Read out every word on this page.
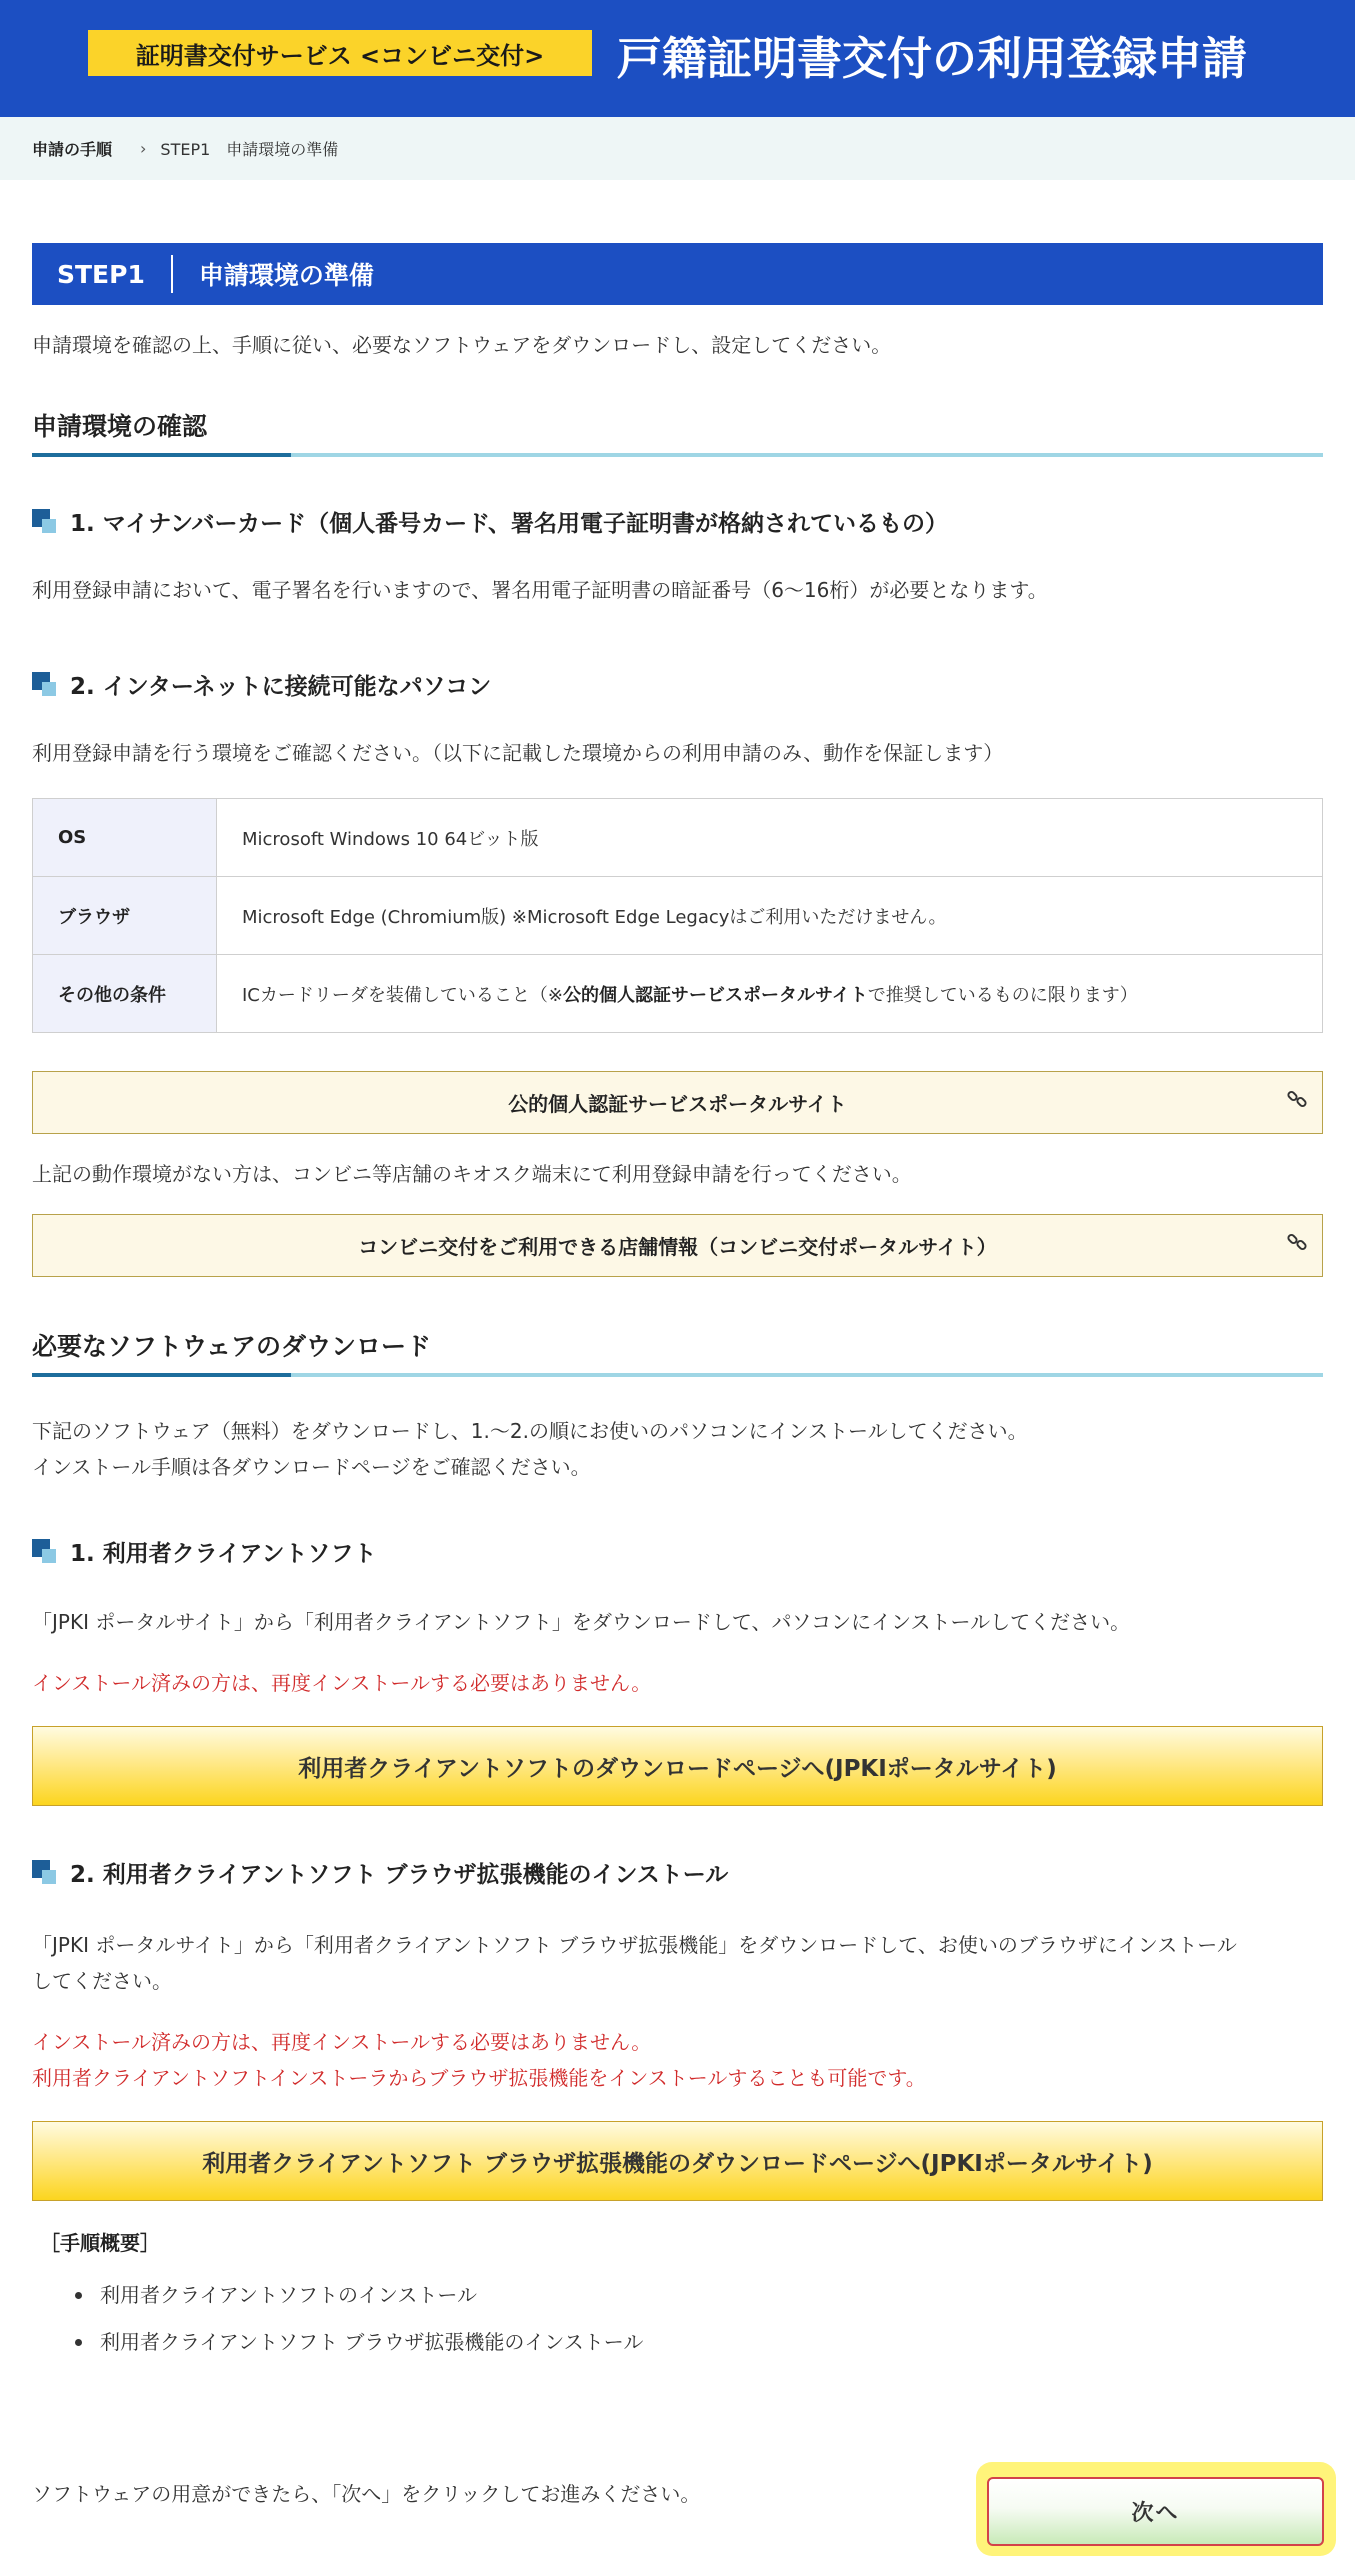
証明書交付サービス <コンビニ交付>	戸籍証明書交付の利用登録申請
申請の手順 › STEP1　申請環境の準備
STEP1 申請環境の準備

申請環境を確認の上、手順に従い、必要なソフトウェアをダウンロードし、設定してください。

申請環境の確認
1. マイナンバーカード（個人番号カード、署名用電子証明書が格納されているもの）

利用登録申請において、電子署名を行いますので、署名用電子証明書の暗証番号（6～16桁）が必要となります。

2. インターネットに接続可能なパソコン

利用登録申請を行う環境をご確認ください。（以下に記載した環境からの利用申請のみ、動作を保証します）

OS	Microsoft Windows 10 64ビット版
ブラウザ	Microsoft Edge (Chromium版) ※Microsoft Edge Legacyはご利用いただけません。
その他の条件	ICカードリーダを装備していること（※公的個人認証サービスポータルサイトで推奨しているものに限ります）
公的個人認証サービスポータルサイト

上記の動作環境がない方は、コンビニ等店舗のキオスク端末にて利用登録申請を行ってください。

コンビニ交付をご利用できる店舗情報（コンビニ交付ポータルサイト）
必要なソフトウェアのダウンロード

下記のソフトウェア（無料）をダウンロードし、1.～2.の順にお使いのパソコンにインストールしてください。

インストール手順は各ダウンロードページをご確認ください。

1. 利用者クライアントソフト

「JPKI ポータルサイト」から「利用者クライアントソフト」をダウンロードして、パソコンにインストールしてください。

インストール済みの方は、再度インストールする必要はありません。

利用者クライアントソフトのダウンロードページへ(JPKIポータルサイト)
2. 利用者クライアントソフト ブラウザ拡張機能のインストール

「JPKI ポータルサイト」から「利用者クライアントソフト ブラウザ拡張機能」をダウンロードして、お使いのブラウザにインストール

してください。

インストール済みの方は、再度インストールする必要はありません。

利用者クライアントソフトインストーラからブラウザ拡張機能をインストールすることも可能です。

利用者クライアントソフト ブラウザ拡張機能のダウンロードページへ(JPKIポータルサイト)
［手順概要］
利用者クライアントソフトのインストール
利用者クライアントソフト ブラウザ拡張機能のインストール

ソフトウェアの用意ができたら、「次へ」をクリックしてお進みください。

次へ
